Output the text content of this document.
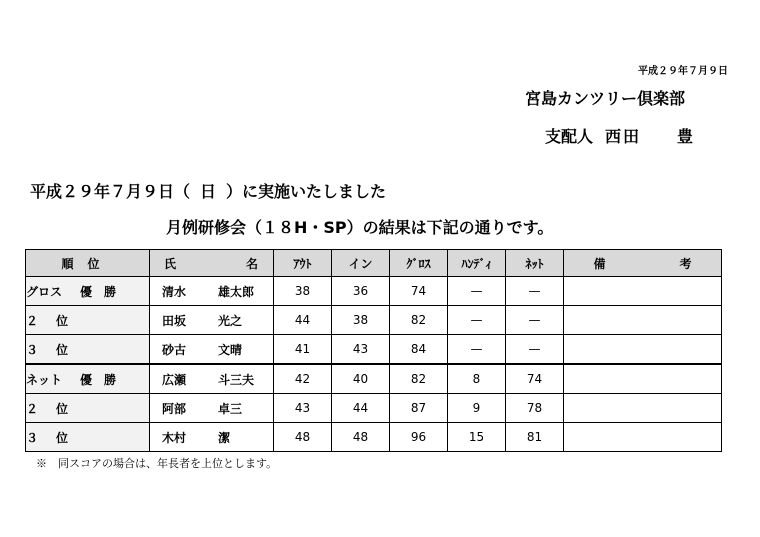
平成２９年７月９日
宮島カンツリー倶楽部
支配人 西田　　豊
平成２９年７月９日（ 日 ）に実施いたしました
月例研修会（１８H・SP）の結果は下記の通りです。
順位	氏 名	ｱｳﾄ	イン	ｸﾞﾛｽ	ﾊﾝﾃﾞｨ	ﾈｯﾄ	備 考
グロス 優　勝	清水 雄太郎	38	36	74	—	—	
２ 位	田坂 光之	44	38	82	—	—	
３ 位	砂古 文晴	41	43	84	—	—	
ネット 優　勝	広瀬 斗三夫	42	40	82	8	74	
２ 位	阿部 卓三	43	44	87	9	78	
３ 位	木村 潔	48	48	96	15	81	
※　同スコアの場合は、年長者を上位とします。
